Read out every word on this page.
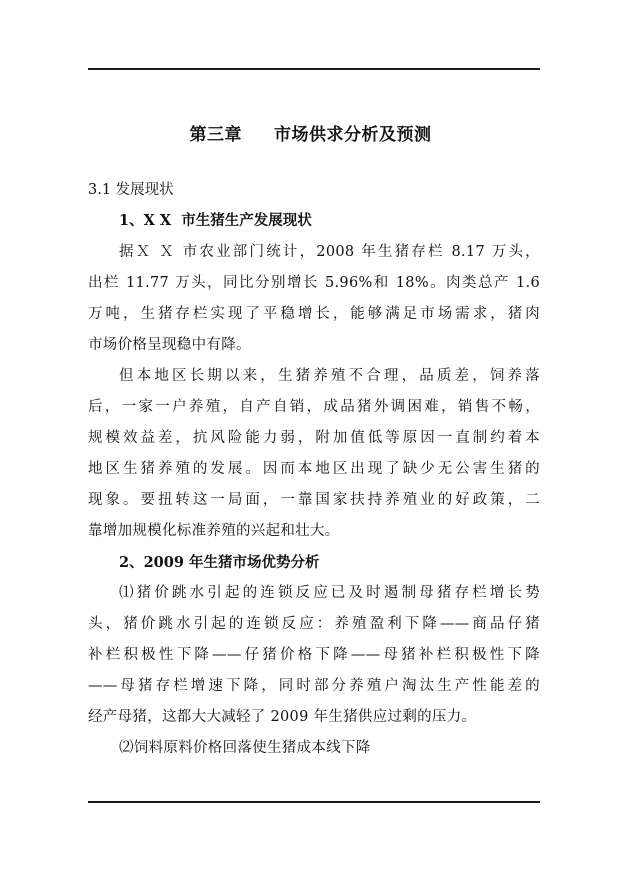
第三章     市场供求分析及预测
3.1 发展现状
1、X X  市生猪生产发展现状
据Ｘ Ｘ 市农业部门统计，2008 年生猪存栏 8.17 万头，
出栏 11.77 万头，同比分别增长 5.96%和 18%。肉类总产 1.6
万吨，生猪存栏实现了平稳增长，能够满足市场需求，猪肉
市场价格呈现稳中有降。
但本地区长期以来，生猪养殖不合理，品质差，饲养落
后，一家一户养殖，自产自销，成品猪外调困难，销售不畅，
规模效益差，抗风险能力弱，附加值低等原因一直制约着本
地区生猪养殖的发展。因而本地区出现了缺少无公害生猪的
现象。要扭转这一局面，一靠国家扶持养殖业的好政策，二
靠增加规模化标准养殖的兴起和壮大。
2、2009 年生猪市场优势分析
⑴猪价跳水引起的连锁反应已及时遏制母猪存栏增长势
头，猪价跳水引起的连锁反应：养殖盈利下降——商品仔猪
补栏积极性下降——仔猪价格下降——母猪补栏积极性下降
——母猪存栏增速下降，同时部分养殖户淘汰生产性能差的
经产母猪，这都大大减轻了 2009 年生猪供应过剩的压力。
⑵饲料原料价格回落使生猪成本线下降
